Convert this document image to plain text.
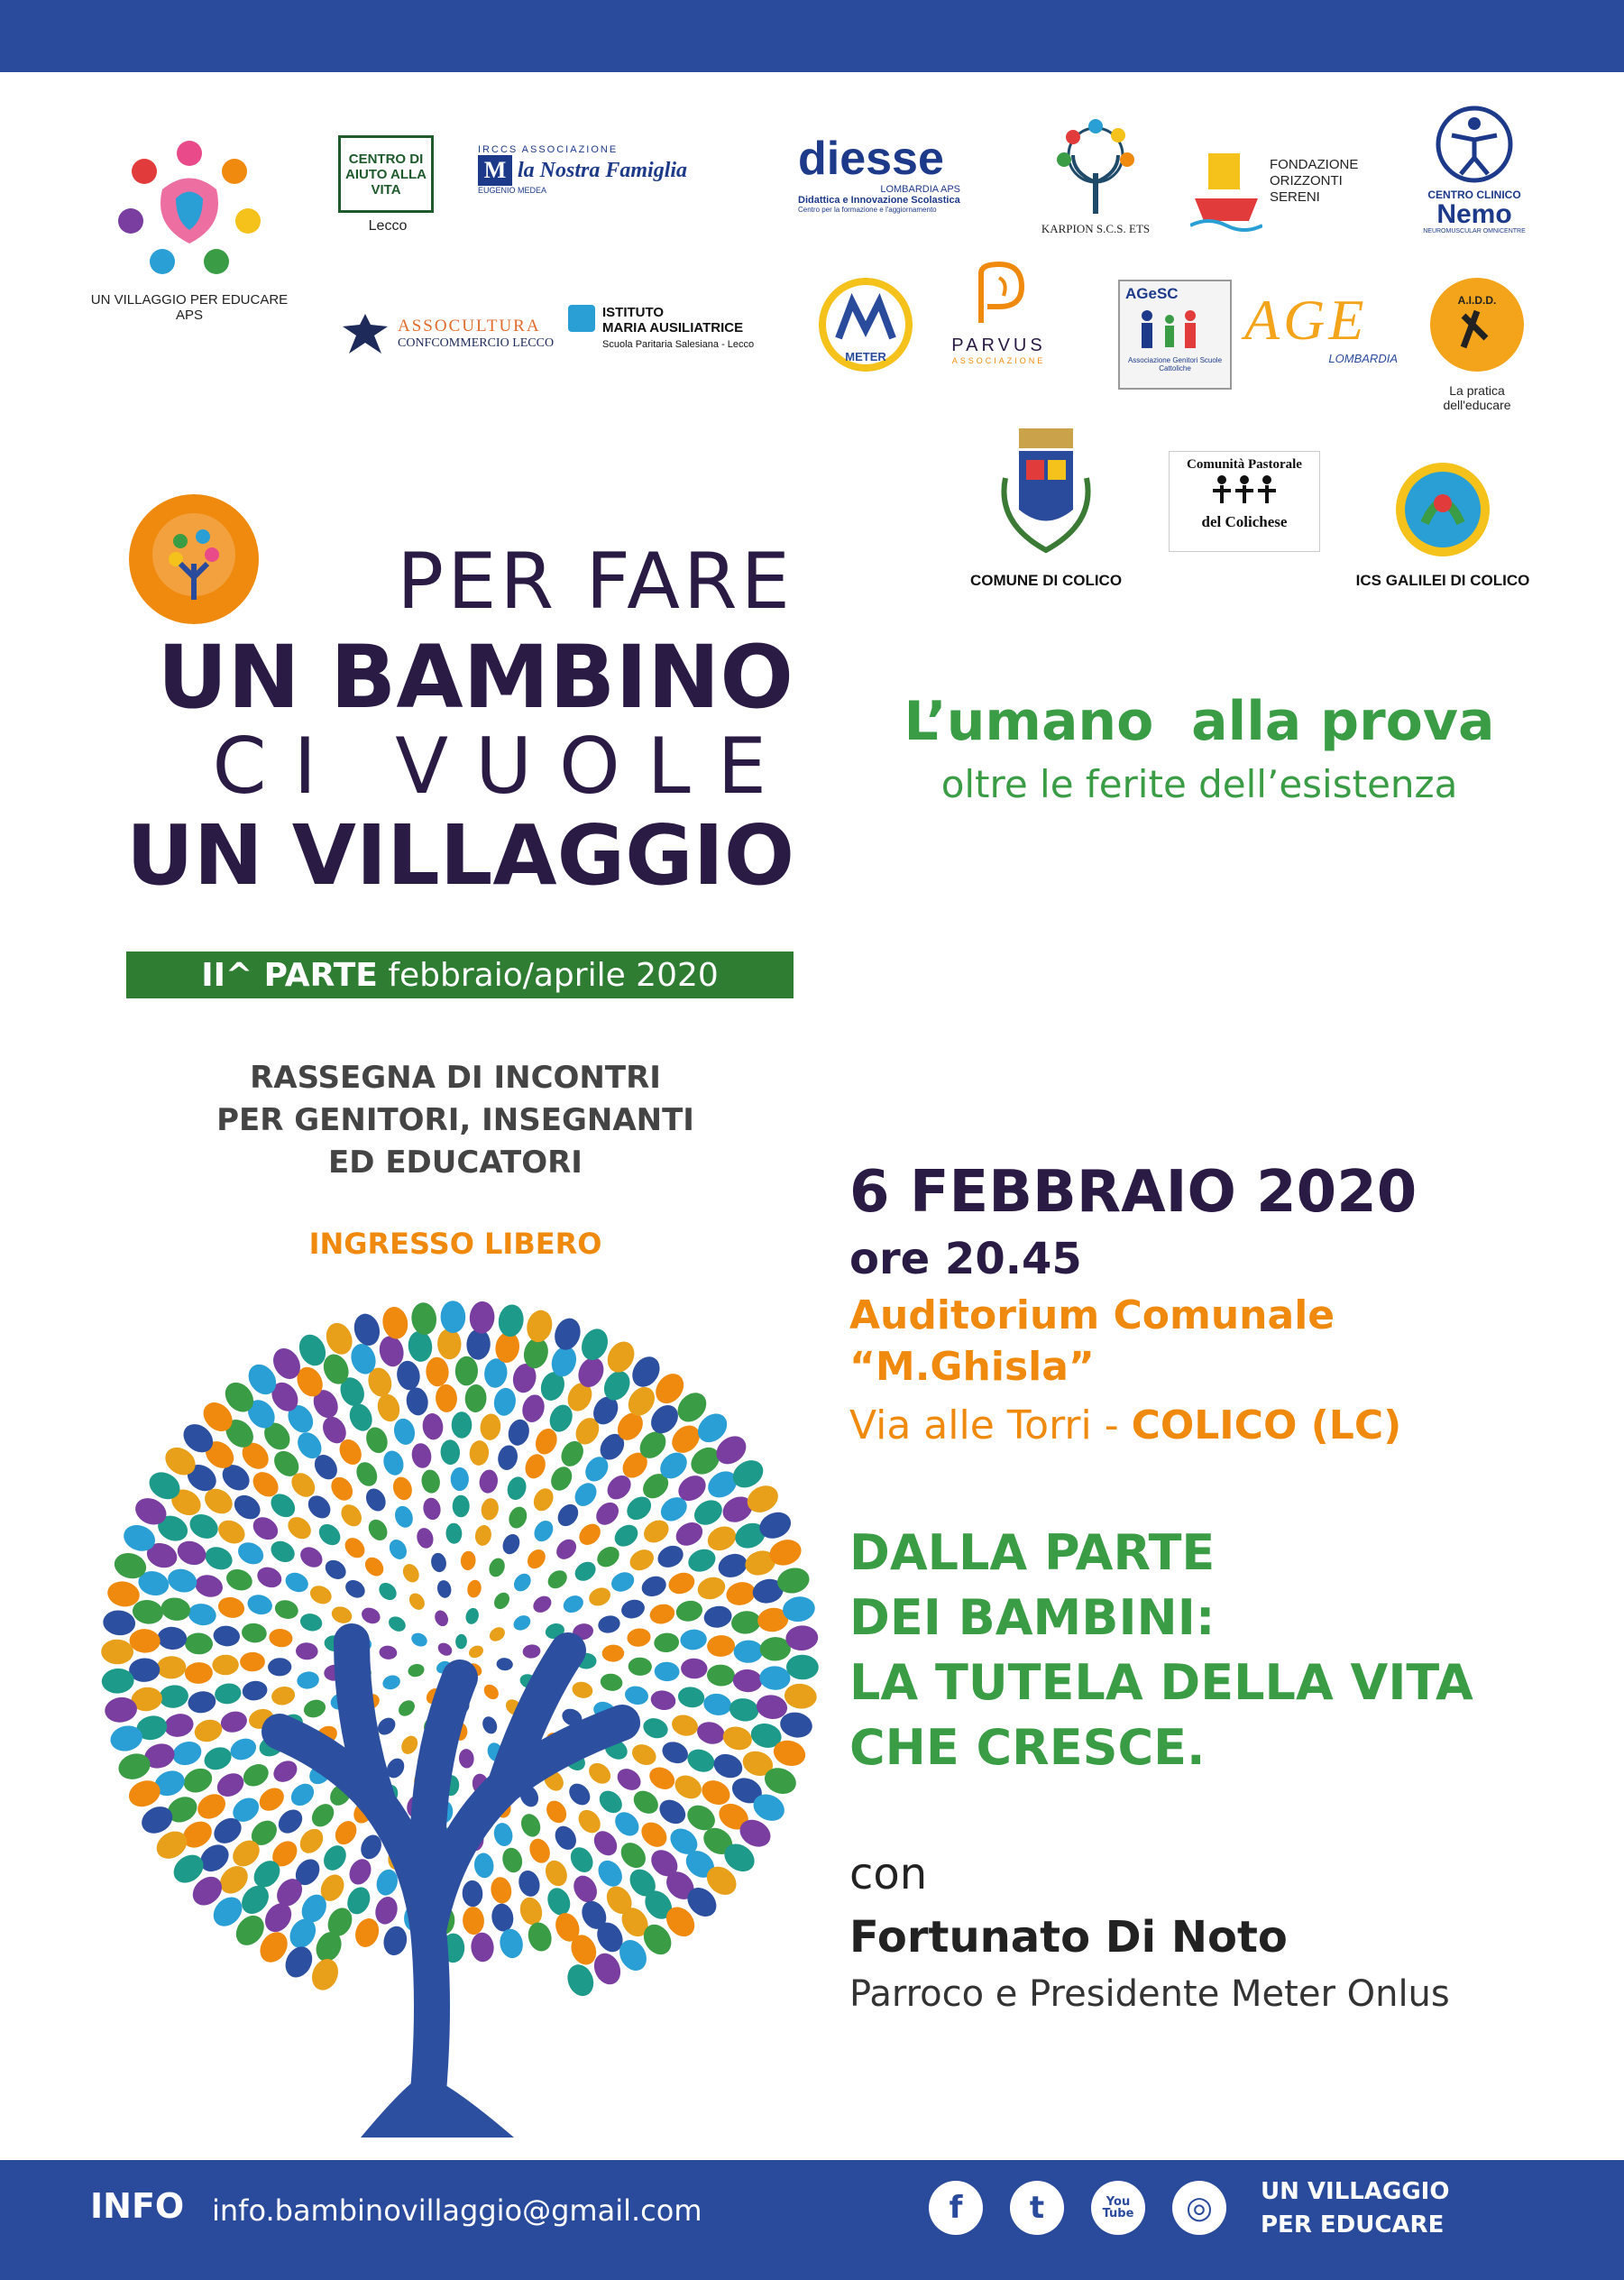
UN VILLAGGIO PER EDUCARE APS
CENTRO DI AIUTO ALLA VITA
Lecco
IRCCS ASSOCIAZIONE
M la Nostra Famiglia
EUGENIO MEDEA
diesse
LOMBARDIA APS
Didattica e Innovazione Scolastica
Centro per la formazione e l'aggiornamento
KARPION S.C.S. ETS
FONDAZIONE
ORIZZONTI
SERENI	CENTRO CLINICO
Nemo
NEUROMUSCULAR OMNICENTRE
ASSOCULTURA
CONFCOMMERCIO LECCO
ISTITUTO
MARIA AUSILIATRICE
Scuola Paritaria Salesiana - Lecco
METER
PARVUS
ASSOCIAZIONE
AGeSC
Associazione Genitori Scuole Cattoliche
AGE
LOMBARDIA
A.I.D.D.
La pratica dell'educare
COMUNE DI COLICO
Comunità Pastorale
del Colichese
ICS GALILEI DI COLICO
PER FARE
UN BAMBINO
CI VUOLE
UN VILLAGGIO
II^ PARTE febbraio/aprile 2020
L’umano  alla prova
oltre le ferite dell’esistenza
RASSEGNA DI INCONTRI
PER GENITORI, INSEGNANTI
ED EDUCATORI
INGRESSO LIBERO
6 FEBBRAIO 2020
ore 20.45
Auditorium Comunale
“M.Ghisla”
Via alle Torri - COLICO (LC)
DALLA PARTE
DEI BAMBINI:
LA TUTELA DELLA VITA
CHE CRESCE.
con
Fortunato Di Noto
Parroco e Presidente Meter Onlus
INFO info.bambinovillaggio@gmail.com	f	t	You Tube	◎	UN VILLAGGIO
PER EDUCARE
